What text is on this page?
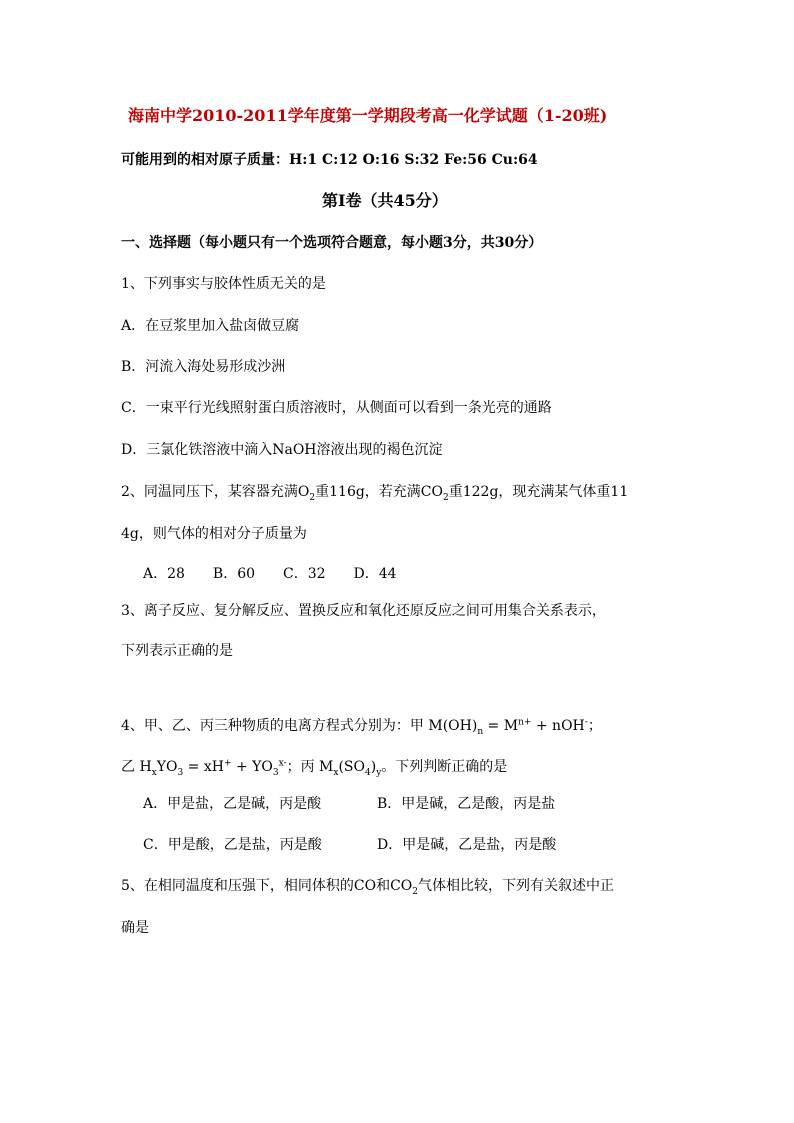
海南中学2010-2011学年度第一学期段考高一化学试题（1-20班)
可能用到的相对原子质量：H:1 C:12 O:16 S:32 Fe:56 Cu:64
第Ⅰ卷（共45分）
一、选择题（每小题只有一个选项符合题意，每小题3分，共30分）
1、下列事实与胶体性质无关的是
A．在豆浆里加入盐卤做豆腐
B．河流入海处易形成沙洲
C．一束平行光线照射蛋白质溶液时，从侧面可以看到一条光亮的通路
D．三氯化铁溶液中滴入NaOH溶液出现的褐色沉淀
2、同温同压下，某容器充满$O_2$重116g，若充满$CO_2$重122g，现充满某气体重11
4g，则气体的相对分子质量为
A．28　　B．60　　C．32　　D．44
3、离子反应、复分解反应、置换反应和氧化还原反应之间可用集合关系表示，
下列表示正确的是
4、甲、乙、丙三种物质的电离方程式分别为：甲 $M(OH)_n = M^{n+} + nOH^-$；
乙 $H_xYO_3 = xH^+ + YO_3^{x-}$；丙 $M_x(SO_4)_y$。下列判断正确的是
A．甲是盐，乙是碱，丙是酸	B．甲是碱，乙是酸，丙是盐
C．甲是酸，乙是盐，丙是酸	D．甲是碱，乙是盐，丙是酸
5、在相同温度和压强下，相同体积的CO和$CO_2$气体相比较，下列有关叙述中正
确是
